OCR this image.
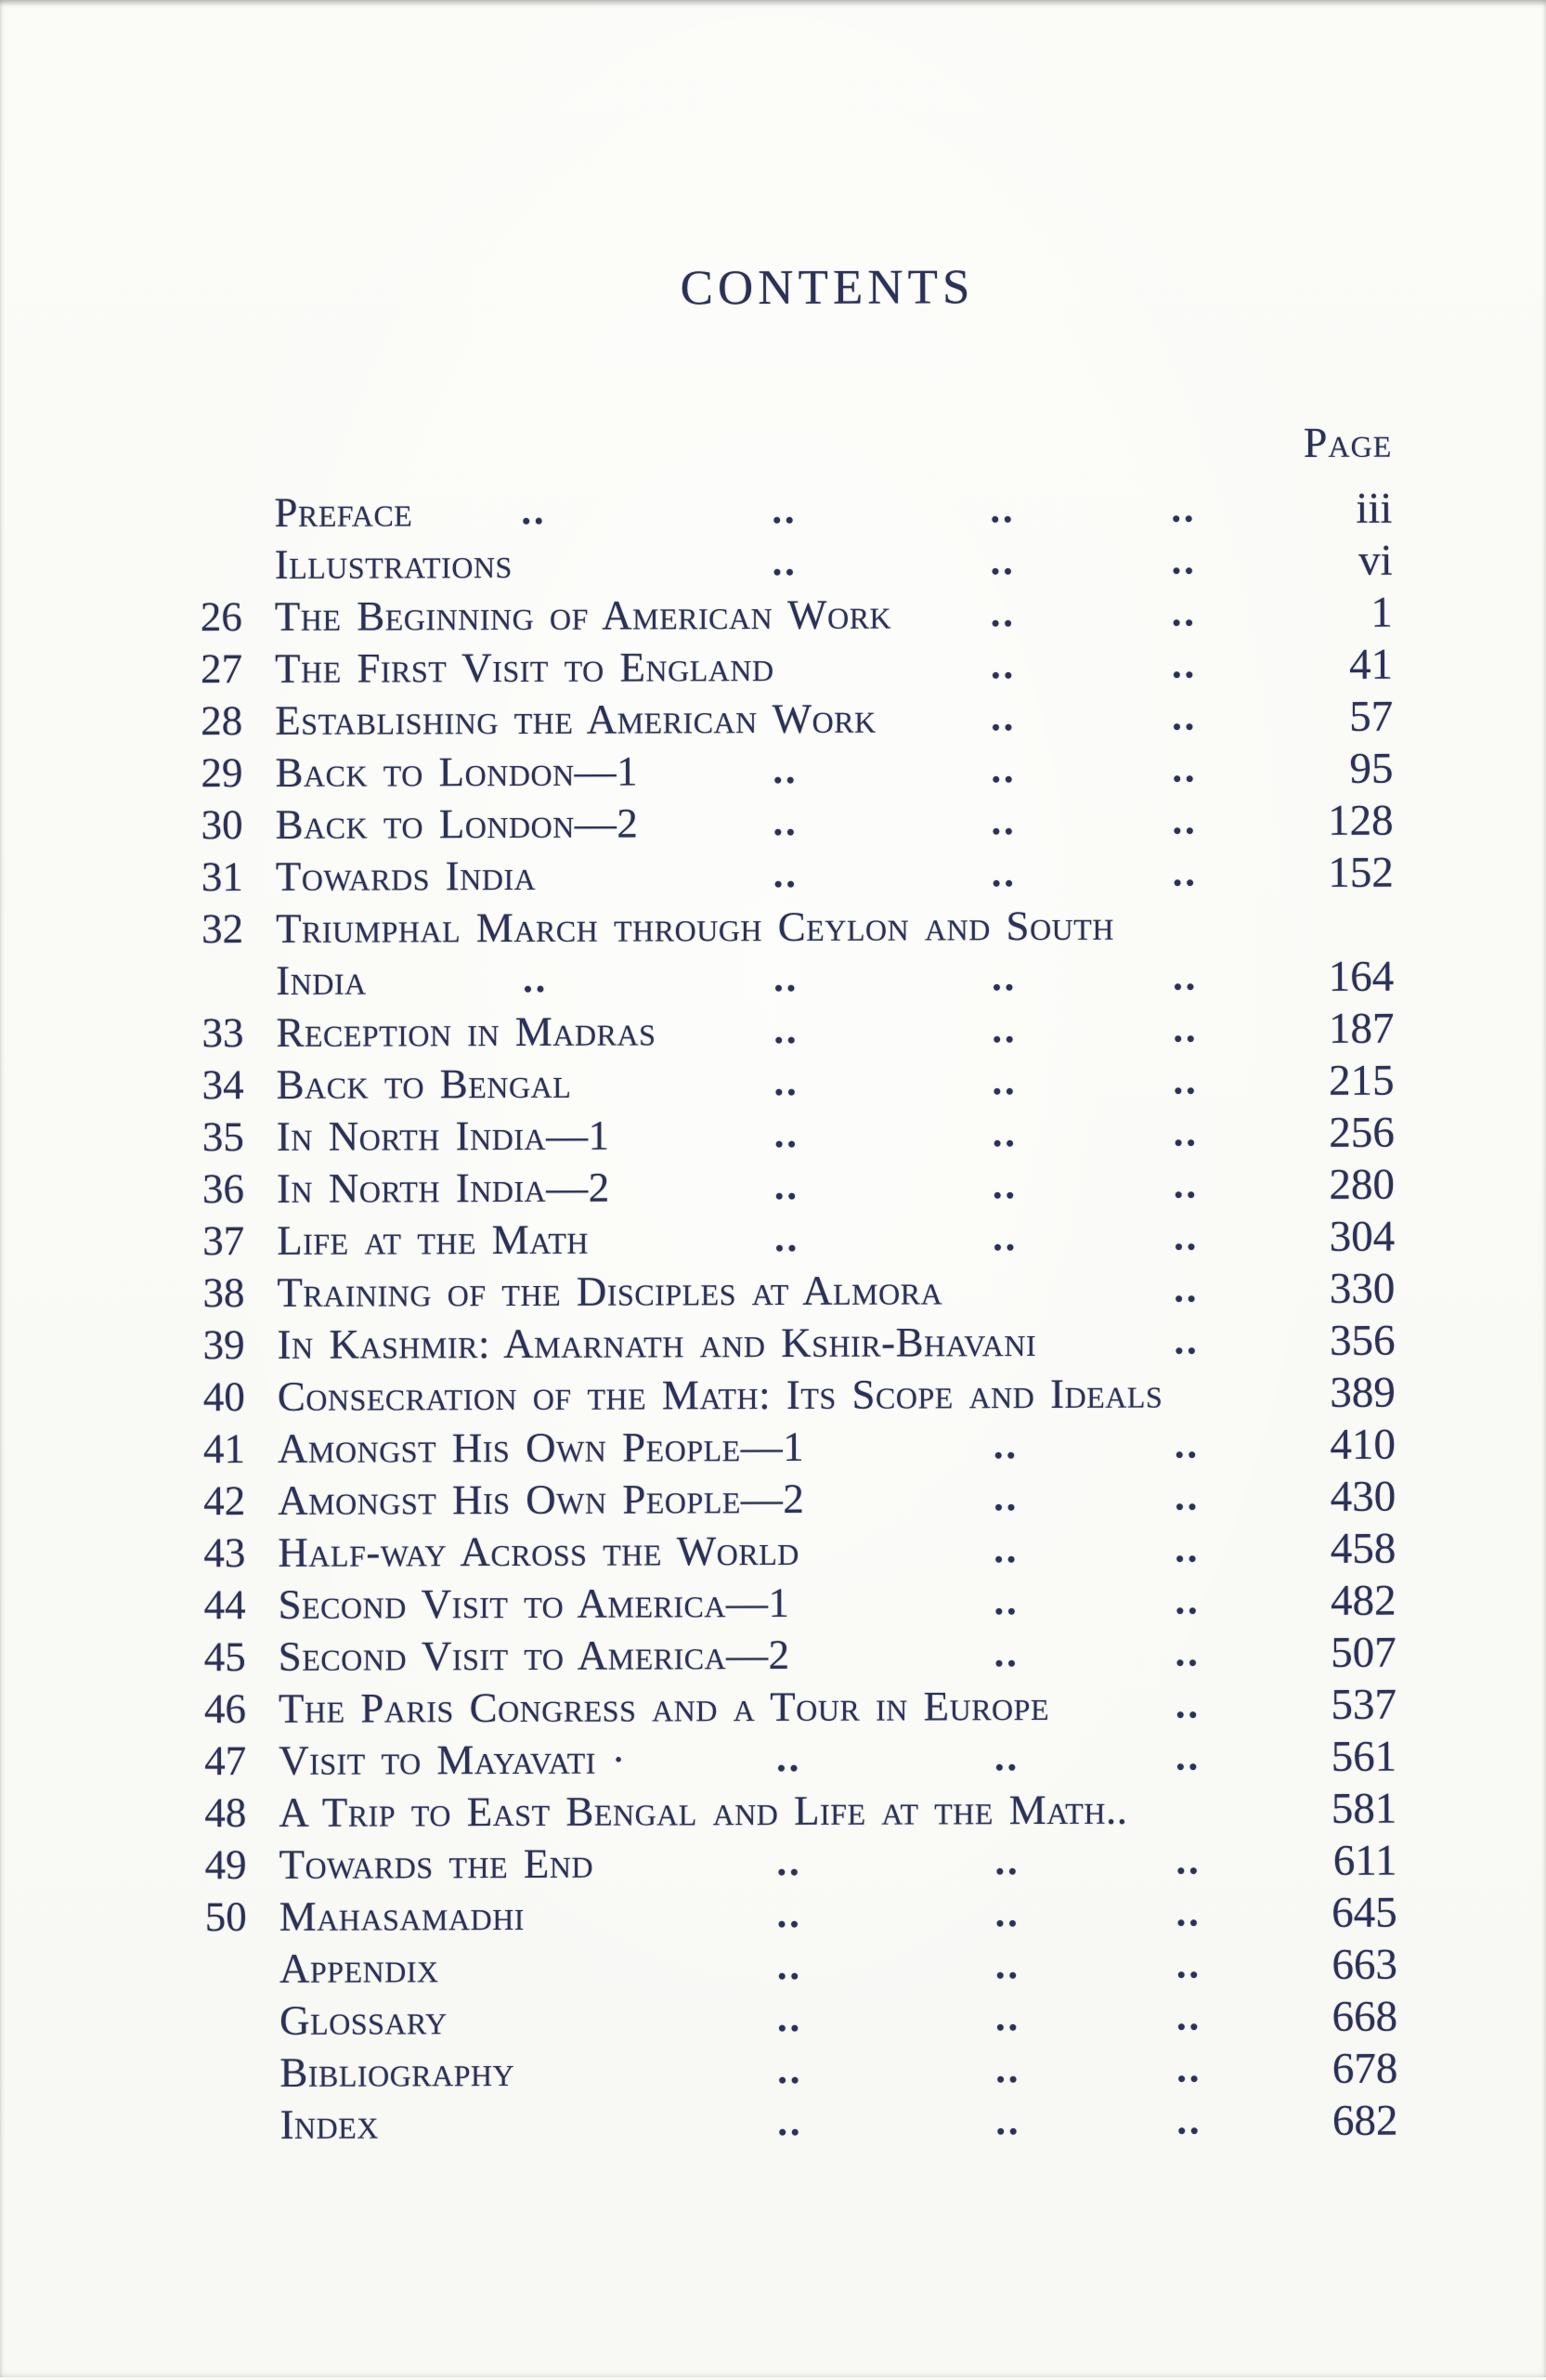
CONTENTS
Page
Preface	iii
..	..	..	..
Illustrations	vi
..	..	..
26 The Beginning of American Work	1
..	..
27 The First Visit to England	41
..	..
28 Establishing the American Work	57
..	..
29 Back to London—1	95
..	..	..
30 Back to London—2	128
..	..	..
31 Towards India	152
..	..	..
32 Triumphal March through Ceylon and South
India	164
..	..	..	..
33 Reception in Madras	187
..	..	..
34 Back to Bengal	215
..	..	..
35 In North India—1	256
..	..	..
36 In North India—2	280
..	..	..
37 Life at the Math	304
..	..	..
38 Training of the Disciples at Almora	330
..
39 In Kashmir: Amarnath and Kshir-Bhavani	356
..
40 Consecration of the Math: Its Scope and Ideals	389
41 Amongst His Own People—1	410
..	..
42 Amongst His Own People—2	430
..	..
43 Half-way Across the World	458
..	..
44 Second Visit to America—1	482
..	..
45 Second Visit to America—2	507
..	..
46 The Paris Congress and a Tour in Europe	537
..
47 Visit to Mayavati ·	561
..	..	..
48 A Trip to East Bengal and Life at the Math..	581
49 Towards the End	611
..	..	..
50 Mahasamadhi	645
..	..	..
Appendix	663
..	..	..
Glossary	668
..	..	..
Bibliography	678
..	..	..
Index	682
..	..	..
